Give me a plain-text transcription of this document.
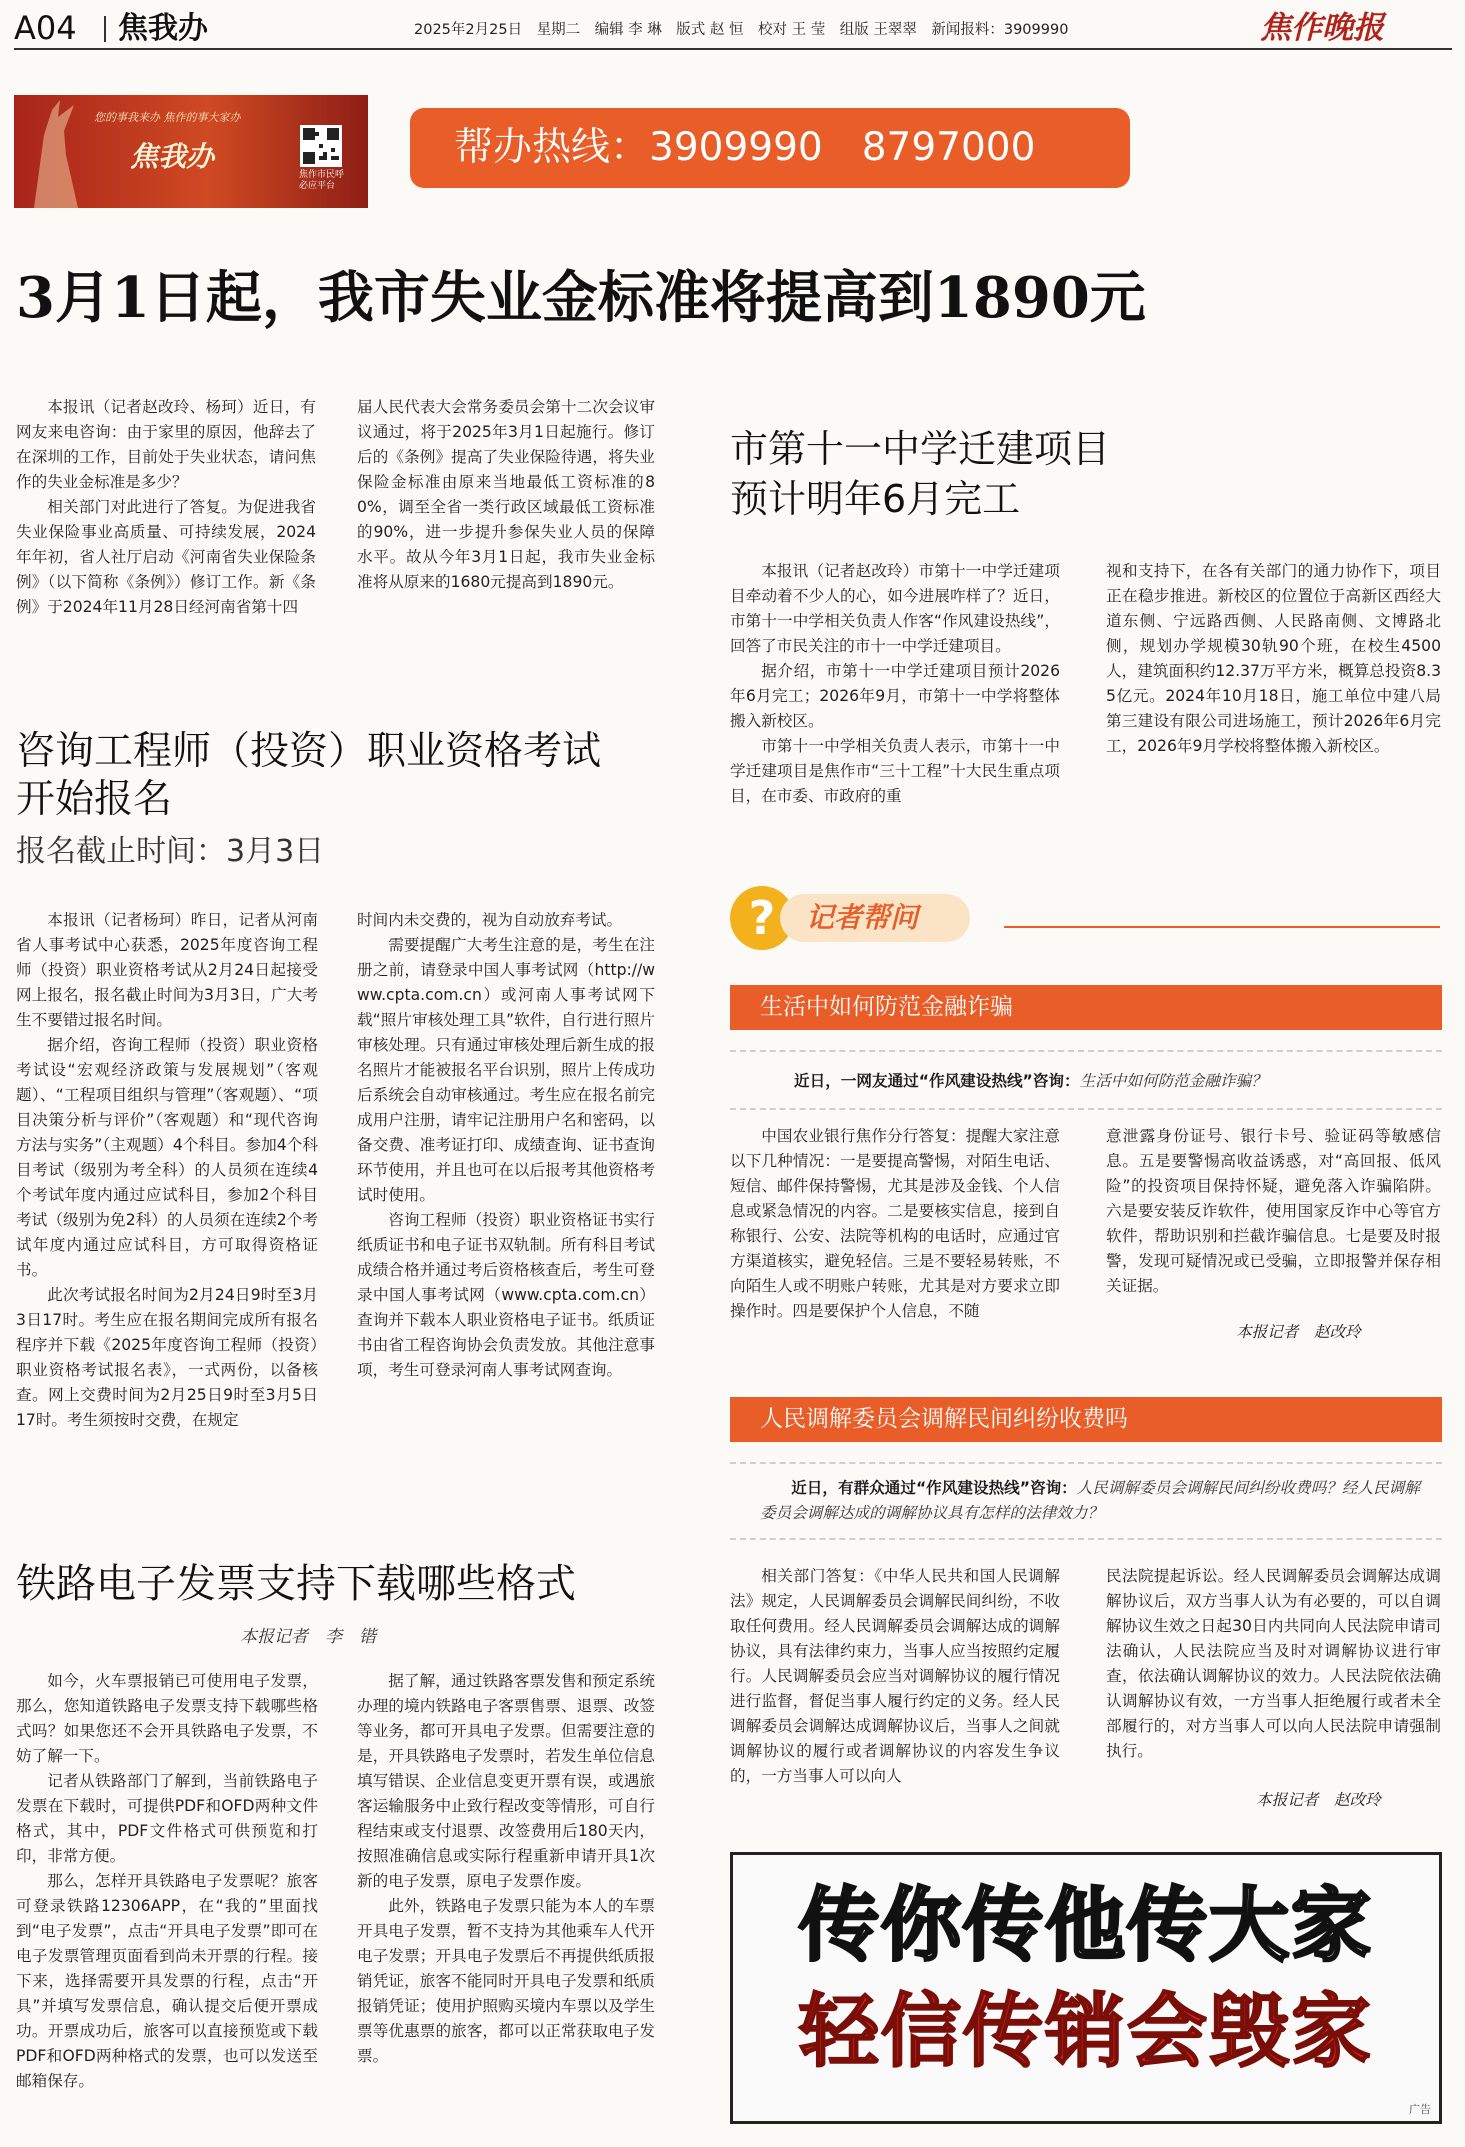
A04 焦我办	2025年2月25日　星期二　编辑 李 琳　版式 赵 恒　校对 王 莹　组版 王翠翠　新闻报料：3909990	焦作晚报
您的事我来办 焦作的事大家办
焦我办
焦作市民呼必应平台
帮办热线：3909990　8797000
3月1日起，我市失业金标准将提高到1890元

本报讯（记者赵改玲、杨珂）近日，有网友来电咨询：由于家里的原因，他辞去了在深圳的工作，目前处于失业状态，请问焦作的失业金标准是多少？

相关部门对此进行了答复。为促进我省失业保险事业高质量、可持续发展，2024年年初，省人社厅启动《河南省失业保险条例》（以下简称《条例》）修订工作。新《条例》于2024年11月28日经河南省第十四

届人民代表大会常务委员会第十二次会议审议通过，将于2025年3月1日起施行。修订后的《条例》提高了失业保险待遇，将失业保险金标准由原来当地最低工资标准的80%，调至全省一类行政区域最低工资标准的90%，进一步提升参保失业人员的保障水平。故从今年3月1日起，我市失业金标准将从原来的1680元提高到1890元。

市第十一中学迁建项目
预计明年6月完工

本报讯（记者赵改玲）市第十一中学迁建项目牵动着不少人的心，如今进展咋样了？近日，市第十一中学相关负责人作客“作风建设热线”，回答了市民关注的市十一中学迁建项目。

据介绍，市第十一中学迁建项目预计2026年6月完工；2026年9月，市第十一中学将整体搬入新校区。

市第十一中学相关负责人表示，市第十一中学迁建项目是焦作市“三十工程”十大民生重点项目，在市委、市政府的重

视和支持下，在各有关部门的通力协作下，项目正在稳步推进。新校区的位置位于高新区西经大道东侧、宁远路西侧、人民路南侧、文博路北侧，规划办学规模30轨90个班，在校生4500人，建筑面积约12.37万平方米，概算总投资8.35亿元。2024年10月18日，施工单位中建八局第三建设有限公司进场施工，预计2026年6月完工，2026年9月学校将整体搬入新校区。

咨询工程师（投资）职业资格考试
开始报名
报名截止时间：3月3日

本报讯（记者杨珂）昨日，记者从河南省人事考试中心获悉，2025年度咨询工程师（投资）职业资格考试从2月24日起接受网上报名，报名截止时间为3月3日，广大考生不要错过报名时间。

据介绍，咨询工程师（投资）职业资格考试设“宏观经济政策与发展规划”（客观题）、“工程项目组织与管理”（客观题）、“项目决策分析与评价”（客观题）和“现代咨询方法与实务”（主观题）4个科目。参加4个科目考试（级别为考全科）的人员须在连续4个考试年度内通过应试科目，参加2个科目考试（级别为免2科）的人员须在连续2个考试年度内通过应试科目，方可取得资格证书。

此次考试报名时间为2月24日9时至3月3日17时。考生应在报名期间完成所有报名程序并下载《2025年度咨询工程师（投资）职业资格考试报名表》，一式两份，以备核查。网上交费时间为2月25日9时至3月5日17时。考生须按时交费，在规定

时间内未交费的，视为自动放弃考试。

需要提醒广大考生注意的是，考生在注册之前，请登录中国人事考试网（http://www.cpta.com.cn）或河南人事考试网下载“照片审核处理工具”软件，自行进行照片审核处理。只有通过审核处理后新生成的报名照片才能被报名平台识别，照片上传成功后系统会自动审核通过。考生应在报名前完成用户注册，请牢记注册用户名和密码，以备交费、准考证打印、成绩查询、证书查询环节使用，并且也可在以后报考其他资格考试时使用。

咨询工程师（投资）职业资格证书实行纸质证书和电子证书双轨制。所有科目考试成绩合格并通过考后资格核查后，考生可登录中国人事考试网（www.cpta.com.cn）查询并下载本人职业资格电子证书。纸质证书由省工程咨询协会负责发放。其他注意事项，考生可登录河南人事考试网查询。

铁路电子发票支持下载哪些格式
本报记者　李　锴

如今，火车票报销已可使用电子发票，那么，您知道铁路电子发票支持下载哪些格式吗？如果您还不会开具铁路电子发票，不妨了解一下。

记者从铁路部门了解到，当前铁路电子发票在下载时，可提供PDF和OFD两种文件格式，其中，PDF文件格式可供预览和打印，非常方便。

那么，怎样开具铁路电子发票呢？旅客可登录铁路12306APP，在“我的”里面找到“电子发票”，点击“开具电子发票”即可在电子发票管理页面看到尚未开票的行程。接下来，选择需要开具发票的行程，点击“开具”并填写发票信息，确认提交后便开票成功。开票成功后，旅客可以直接预览或下载PDF和OFD两种格式的发票，也可以发送至邮箱保存。

据了解，通过铁路客票发售和预定系统办理的境内铁路电子客票售票、退票、改签等业务，都可开具电子发票。但需要注意的是，开具铁路电子发票时，若发生单位信息填写错误、企业信息变更开票有误，或遇旅客运输服务中止致行程改变等情形，可自行程结束或支付退票、改签费用后180天内，按照准确信息或实际行程重新申请开具1次新的电子发票，原电子发票作废。

此外，铁路电子发票只能为本人的车票开具电子发票，暂不支持为其他乘车人代开电子发票；开具电子发票后不再提供纸质报销凭证，旅客不能同时开具电子发票和纸质报销凭证；使用护照购买境内车票以及学生票等优惠票的旅客，都可以正常获取电子发票。

?	记者帮问
生活中如何防范金融诈骗
近日，一网友通过“作风建设热线”咨询：生活中如何防范金融诈骗？

中国农业银行焦作分行答复：提醒大家注意以下几种情况：一是要提高警惕，对陌生电话、短信、邮件保持警惕，尤其是涉及金钱、个人信息或紧急情况的内容。二是要核实信息，接到自称银行、公安、法院等机构的电话时，应通过官方渠道核实，避免轻信。三是不要轻易转账，不向陌生人或不明账户转账，尤其是对方要求立即操作时。四是要保护个人信息，不随

意泄露身份证号、银行卡号、验证码等敏感信息。五是要警惕高收益诱惑，对“高回报、低风险”的投资项目保持怀疑，避免落入诈骗陷阱。六是要安装反诈软件，使用国家反诈中心等官方软件，帮助识别和拦截诈骗信息。七是要及时报警，发现可疑情况或已受骗，立即报警并保存相关证据。

本报记者　赵改玲
人民调解委员会调解民间纠纷收费吗
近日，有群众通过“作风建设热线”咨询：人民调解委员会调解民间纠纷收费吗？经人民调解委员会调解达成的调解协议具有怎样的法律效力？

相关部门答复：《中华人民共和国人民调解法》规定，人民调解委员会调解民间纠纷，不收取任何费用。经人民调解委员会调解达成的调解协议，具有法律约束力，当事人应当按照约定履行。人民调解委员会应当对调解协议的履行情况进行监督，督促当事人履行约定的义务。经人民调解委员会调解达成调解协议后，当事人之间就调解协议的履行或者调解协议的内容发生争议的，一方当事人可以向人

民法院提起诉讼。经人民调解委员会调解达成调解协议后，双方当事人认为有必要的，可以自调解协议生效之日起30日内共同向人民法院申请司法确认，人民法院应当及时对调解协议进行审查，依法确认调解协议的效力。人民法院依法确认调解协议有效，一方当事人拒绝履行或者未全部履行的，对方当事人可以向人民法院申请强制执行。

本报记者　赵改玲
传你传他传大家
轻信传销会毁家
广告
